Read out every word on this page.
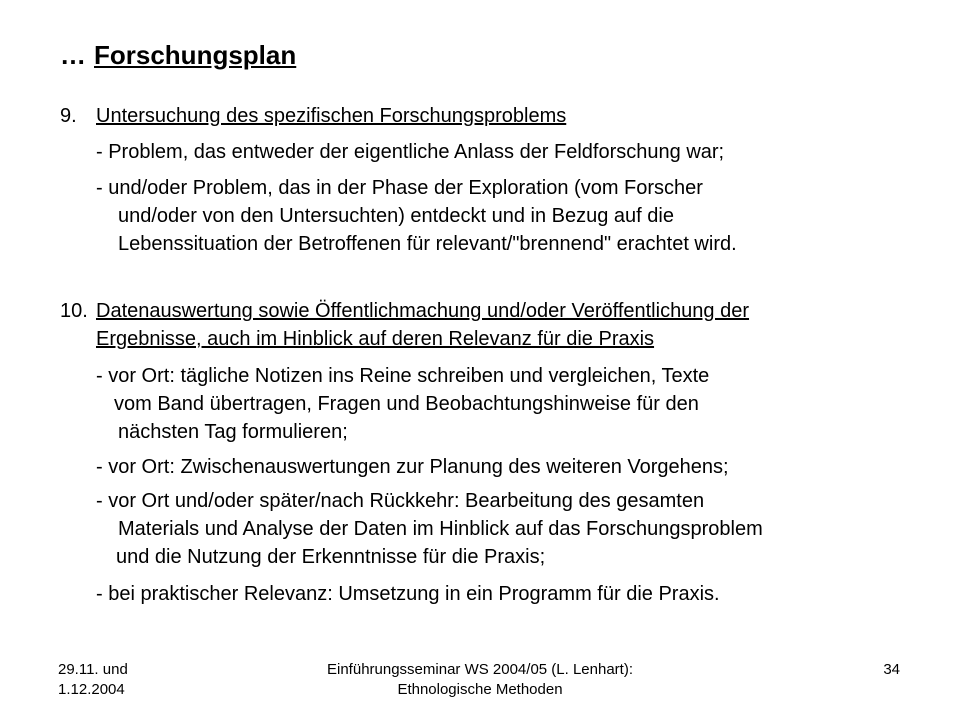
… Forschungsplan
9. Untersuchung des spezifischen Forschungsproblems
- Problem, das entweder der eigentliche Anlass der Feldforschung war;
- und/oder Problem, das in der Phase der Exploration (vom Forscher
und/oder von den Untersuchten) entdeckt und in Bezug auf die
Lebenssituation der Betroffenen für relevant/"brennend" erachtet wird.
10. Datenauswertung sowie Öffentlichmachung und/oder Veröffentlichung der
Ergebnisse, auch im Hinblick auf deren Relevanz für die Praxis
- vor Ort: tägliche Notizen ins Reine schreiben und vergleichen, Texte
vom Band übertragen, Fragen und Beobachtungshinweise für den
nächsten Tag formulieren;
- vor Ort: Zwischenauswertungen zur Planung des weiteren Vorgehens;
- vor Ort und/oder später/nach Rückkehr: Bearbeitung des gesamten
Materials und Analyse der Daten im Hinblick auf das Forschungsproblem
und die Nutzung der Erkenntnisse für die Praxis;
- bei praktischer Relevanz: Umsetzung in ein Programm für die Praxis.
29.11. und
1.12.2004
Einführungsseminar WS 2004/05 (L. Lenhart):
Ethnologische Methoden
34
